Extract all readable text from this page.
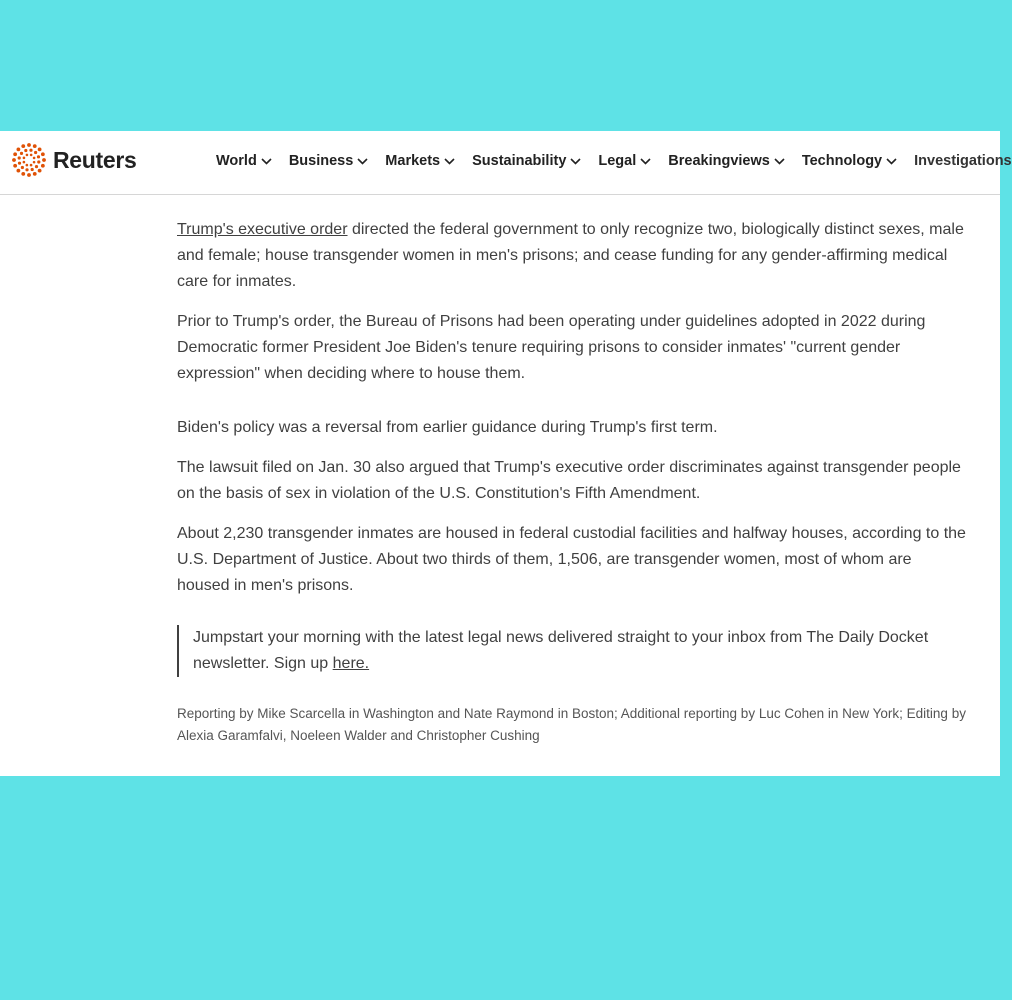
Reuters	World Business Markets Sustainability Legal Breakingviews Technology Investigations

Trump's executive order directed the federal government to only recognize two, biologically distinct sexes, male and female; house transgender women in men's prisons; and cease funding for any gender-affirming medical care for inmates.

Prior to Trump's order, the Bureau of Prisons had been operating under guidelines adopted in 2022 during Democratic former President Joe Biden's tenure requiring prisons to consider inmates' "current gender expression" when deciding where to house them.

Biden's policy was a reversal from earlier guidance during Trump's first term.

The lawsuit filed on Jan. 30 also argued that Trump's executive order discriminates against transgender people on the basis of sex in violation of the U.S. Constitution's Fifth Amendment.

About 2,230 transgender inmates are housed in federal custodial facilities and halfway houses, according to the U.S. Department of Justice. About two thirds of them, 1,506, are transgender women, most of whom are housed in men's prisons.

Jumpstart your morning with the latest legal news delivered straight to your inbox from The Daily Docket newsletter. Sign up here.

Reporting by Mike Scarcella in Washington and Nate Raymond in Boston; Additional reporting by Luc Cohen in New York; Editing by Alexia Garamfalvi, Noeleen Walder and Christopher Cushing
